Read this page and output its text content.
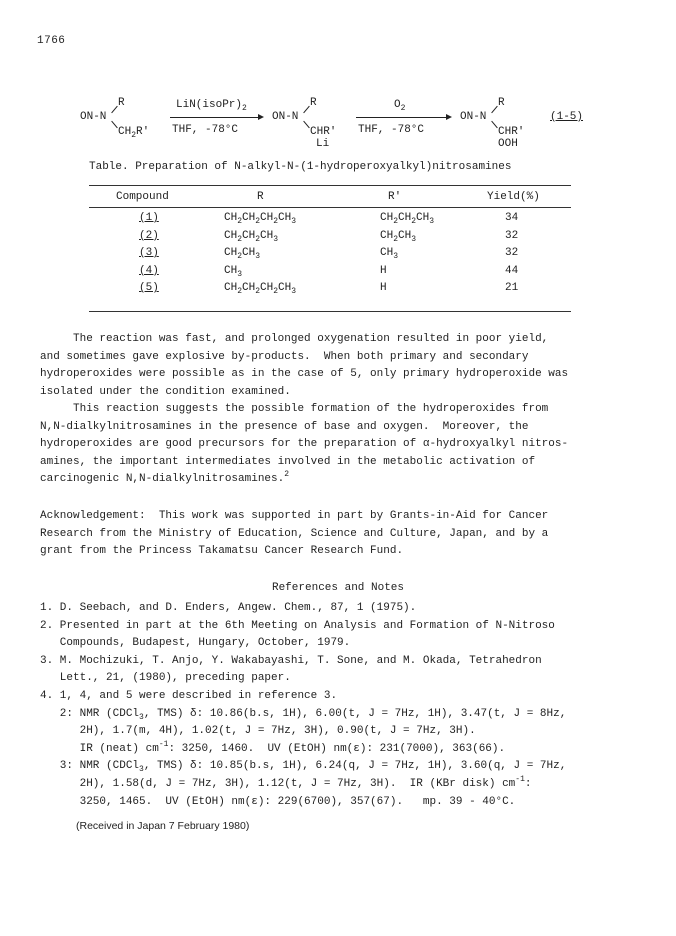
1766
ON-N
R
$CH_2R'$
$LiN(isoPr)_2$
THF, -78°C
ON-N
R
CHR'
Li
$O_2$
THF, -78°C
ON-N
R
CHR'
OOH
(1-5)
Table. Preparation of N-alkyl-N-(1-hydroperoxyalkyl)nitrosamines
Compound	R	R'	Yield(%)
(1)	$CH_2CH_2CH_2CH_3$	$CH_2CH_2CH_3$	34
(2)	$CH_2CH_2CH_3$	$CH_2CH_3$	32
(3)	$CH_2CH_3$	$CH_3$	32
(4)	$CH_3$	H	44
(5)	$CH_2CH_2CH_2CH_3$	H	21
The reaction was fast, and prolonged oxygenation resulted in poor yield,
and sometimes gave explosive by-products.  When both primary and secondary
hydroperoxides were possible as in the case of 5, only primary hydroperoxide was
isolated under the condition examined.
This reaction suggests the possible formation of the hydroperoxides from
N,N-dialkylnitrosamines in the presence of base and oxygen.  Moreover, the
hydroperoxides are good precursors for the preparation of α-hydroxyalkyl nitros-
amines, the important intermediates involved in the metabolic activation of
carcinogenic N,N-dialkylnitrosamines.$^2$
Acknowledgement:  This work was supported in part by Grants-in-Aid for Cancer
Research from the Ministry of Education, Science and Culture, Japan, and by a
grant from the Princess Takamatsu Cancer Research Fund.
References and Notes
1. D. Seebach, and D. Enders, Angew. Chem., 87, 1 (1975).
2. Presented in part at the 6th Meeting on Analysis and Formation of N-Nitroso
Compounds, Budapest, Hungary, October, 1979.
3. M. Mochizuki, T. Anjo, Y. Wakabayashi, T. Sone, and M. Okada, Tetrahedron
Lett., 21, (1980), preceding paper.
4. 1, 4, and 5 were described in reference 3.
2: NMR (CDCl$_3$, TMS) δ: 10.86(b.s, 1H), 6.00(t, J = 7Hz, 1H), 3.47(t, J = 8Hz,
2H), 1.7(m, 4H), 1.02(t, J = 7Hz, 3H), 0.90(t, J = 7Hz, 3H).
IR (neat) $cm^{-1}$: 3250, 1460.  UV (EtOH) nm(ε): 231(7000), 363(66).
3: NMR (CDCl$_3$, TMS) δ: 10.85(b.s, 1H), 6.24(q, J = 7Hz, 1H), 3.60(q, J = 7Hz,
2H), 1.58(d, J = 7Hz, 3H), 1.12(t, J = 7Hz, 3H).  IR (KBr disk) $cm^{-1}$:
3250, 1465.  UV (EtOH) nm(ε): 229(6700), 357(67).   mp. 39 - 40°C.
(Received in Japan 7 February 1980)
